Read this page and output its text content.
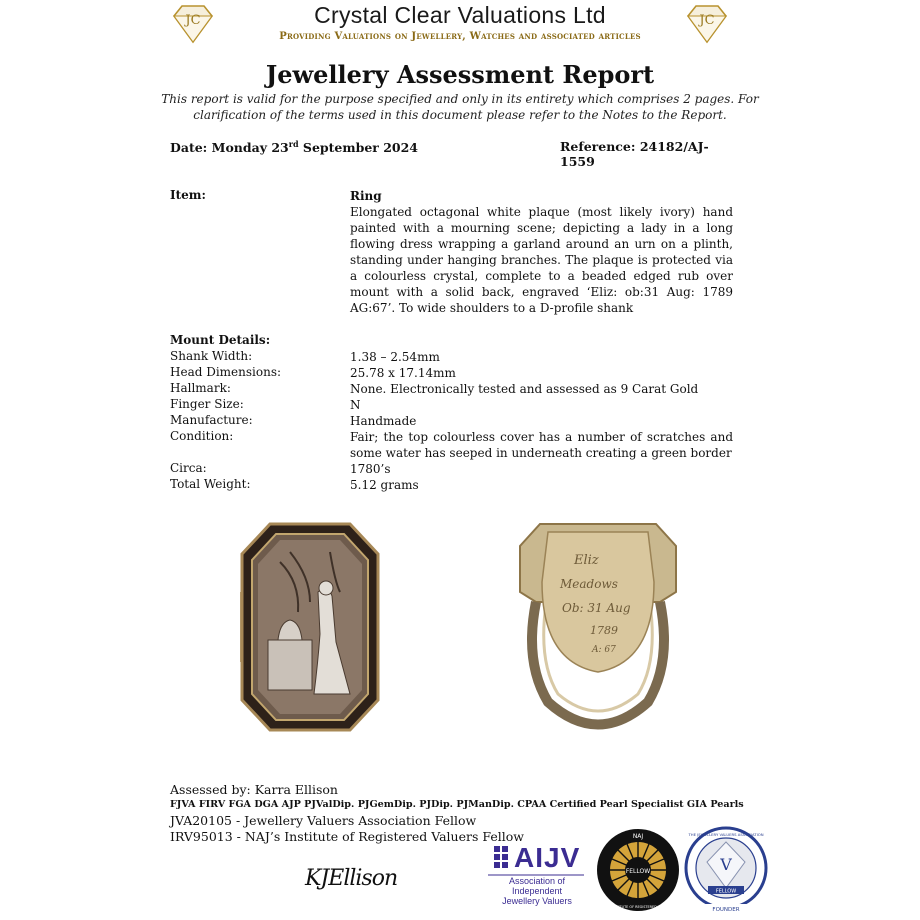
JC	JC
Crystal Clear Valuations Ltd
Providing Valuations on Jewellery, Watches and associated articles
Jewellery Assessment Report
This report is valid for the purpose specified and only in its entirety which comprises 2 pages. For
clarification of the terms used in this document please refer to the Notes to the Report.
Date: Monday 23rd September 2024	Reference: 24182/AJ-1559
Item:	Ring
Elongated octagonal white plaque (most likely ivory) hand painted with a mourning scene; depicting a lady in a long flowing dress wrapping a garland around an urn on a plinth, standing under hanging branches. The plaque is protected via a colourless crystal, complete to a beaded edged rub over mount with a solid back, engraved ‘Eliz: ob:31 Aug: 1789 AG:67’. To wide shoulders to a D-profile shank
Mount Details:
Shank Width:	1.38 – 2.54mm
Head Dimensions:	25.78 x 17.14mm
Hallmark:	None. Electronically tested and assessed as 9 Carat Gold
Finger Size:	N
Manufacture:	Handmade
Condition:	Fair; the top colourless cover has a number of scratches and some water has seeped in underneath creating a green border
Circa:	1780’s
Total Weight:	5.12 grams
Eliz
Meadows
Ob: 31 Aug
1789
A: 67
Assessed by: Karra Ellison
FJVA FIRV FGA DGA AJP PJValDip. PJGemDip. PJDip. PJManDip. CPAA Certified Pearl Specialist GIA Pearls
JVA20105 - Jewellery Valuers Association Fellow
IRV95013 - NAJ’s Institute of Registered Valuers Fellow
KJEllison
AIJV
Association of
Independent
Jewellery Valuers
FELLOW
NAJ
THE INSTITUTE OF REGISTERED VALUERS
THE JEWELLERY VALUERS ASSOCIATION
V
FELLOW
FOUNDER
